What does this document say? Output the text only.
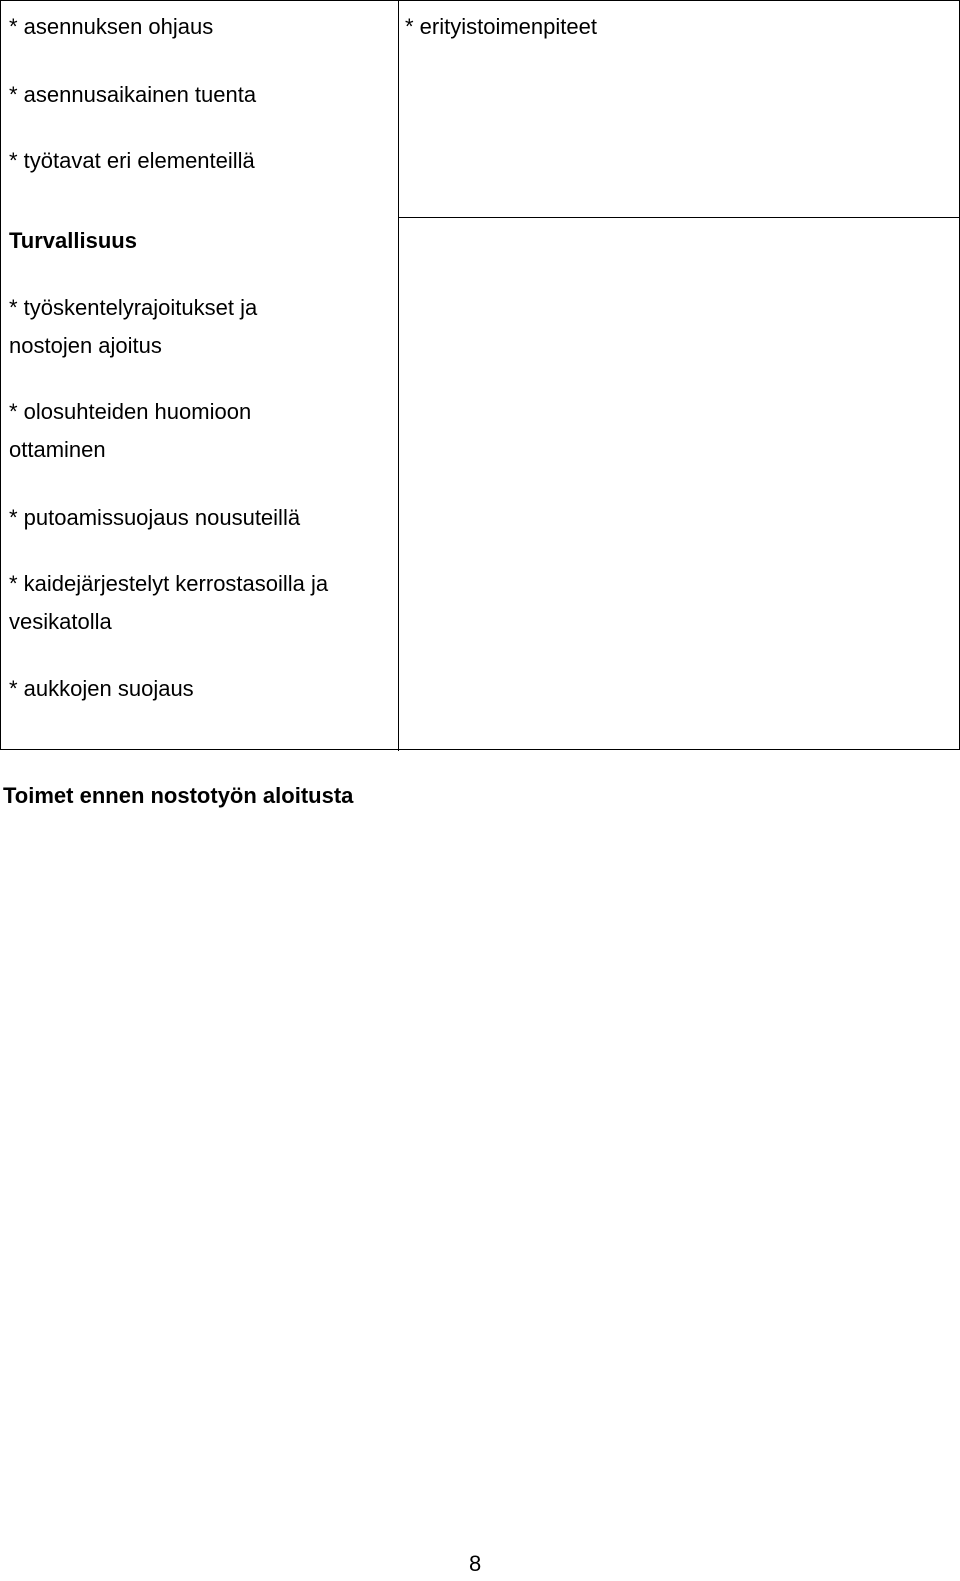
* asennuksen ohjaus
* asennusaikainen tuenta
* työtavat eri elementeillä
Turvallisuus
* työskentelyrajoitukset ja
nostojen ajoitus
* olosuhteiden huomioon
ottaminen
* putoamissuojaus nousuteillä
* kaidejärjestelyt kerrostasoilla ja
vesikatolla
* aukkojen suojaus
* erityistoimenpiteet
Toimet ennen nostotyön aloitusta
8
